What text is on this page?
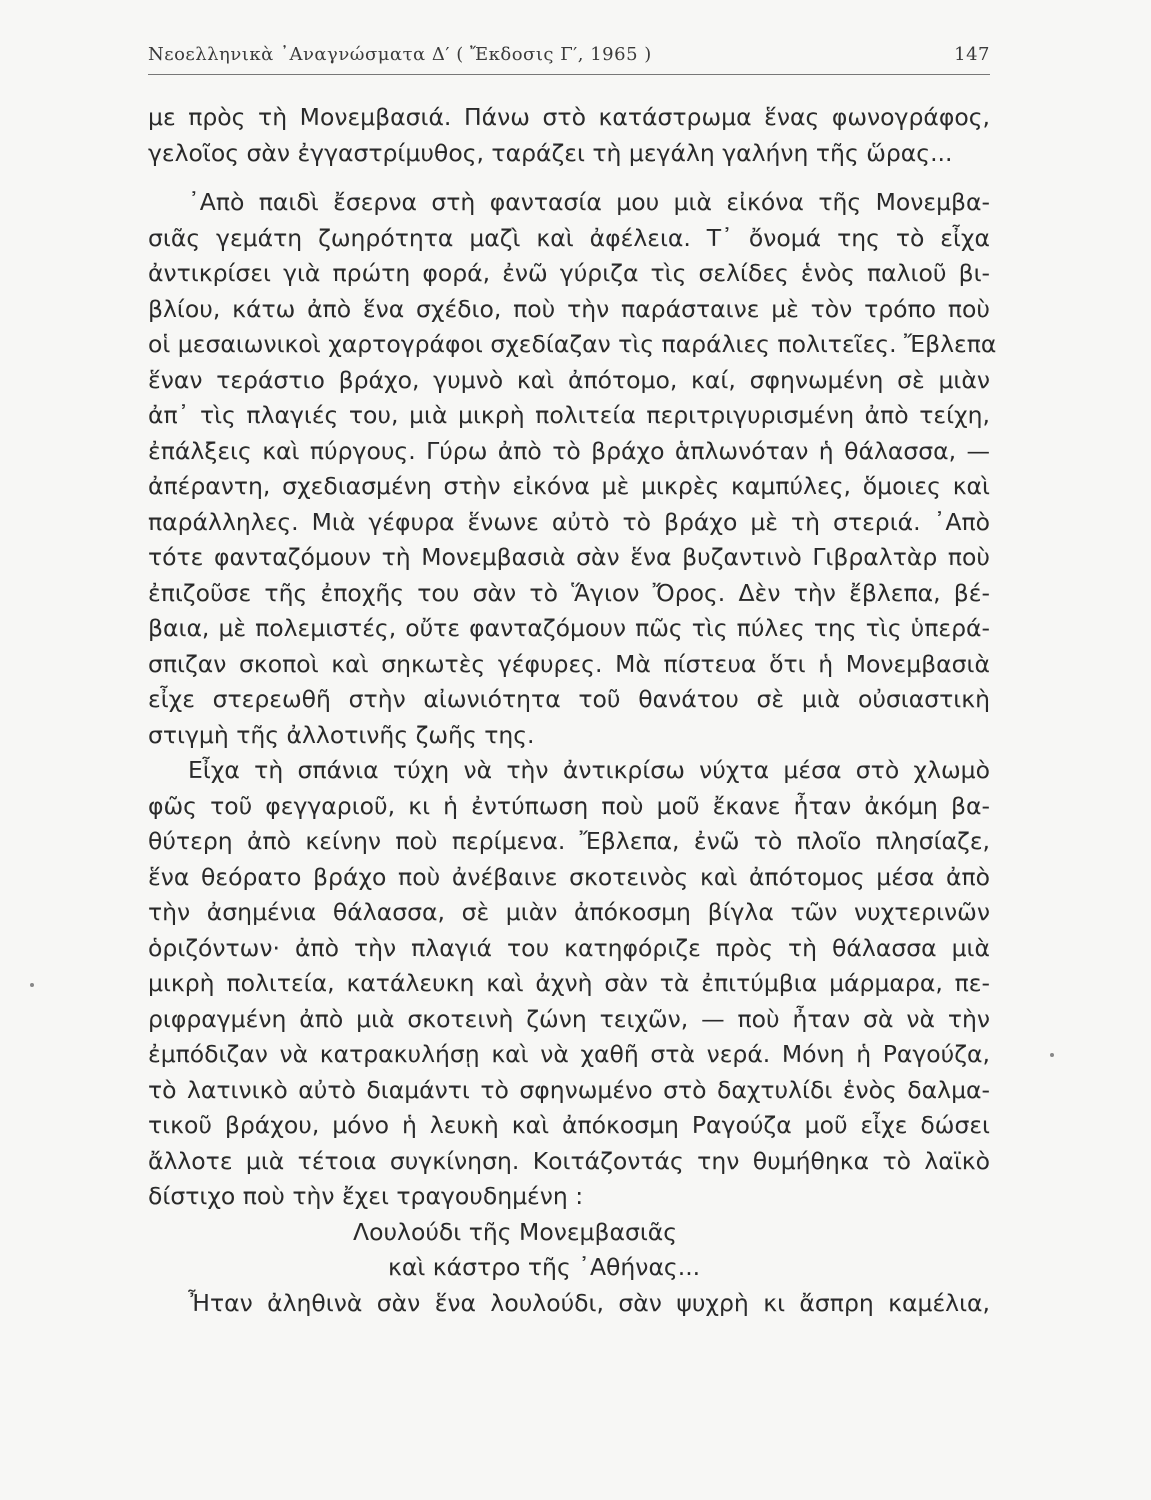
Νεοελληνικὰ ᾿Αναγνώσματα Δ′ ( Ἔκδοσις Γ′, 1965 )	147
με πρὸς τὴ Μονεμβασιά. Πάνω στὸ κατάστρωμα ἕνας φωνογράφος,
γελοῖος σὰν ἐγγαστρίμυθος, ταράζει τὴ μεγάλη γαλήνη τῆς ὥρας...
᾿Απὸ παιδὶ ἔσερνα στὴ φαντασία μου μιὰ εἰκόνα τῆς Μονεμβα-
σιᾶς γεμάτη ζωηρότητα μαζὶ καὶ ἀφέλεια. Τ᾿ ὄνομά της τὸ εἶχα
ἀντικρίσει γιὰ πρώτη φορά, ἐνῶ γύριζα τὶς σελίδες ἑνὸς παλιοῦ βι-
βλίου, κάτω ἀπὸ ἕνα σχέδιο, ποὺ τὴν παράσταινε μὲ τὸν τρόπο ποὺ
οἱ μεσαιωνικοὶ χαρτογράφοι σχεδίαζαν τὶς παράλιες πολιτεῖες. Ἔβλεπα
ἕναν τεράστιο βράχο, γυμνὸ καὶ ἀπότομο, καί, σφηνωμένη σὲ μιὰν
ἀπ᾿ τὶς πλαγιές του, μιὰ μικρὴ πολιτεία περιτριγυρισμένη ἀπὸ τείχη,
ἐπάλξεις καὶ πύργους. Γύρω ἀπὸ τὸ βράχο ἁπλωνόταν ἡ θάλασσα, —
ἀπέραντη, σχεδιασμένη στὴν εἰκόνα μὲ μικρὲς καμπύλες, ὅμοιες καὶ
παράλληλες. Μιὰ γέφυρα ἕνωνε αὐτὸ τὸ βράχο μὲ τὴ στεριά. ᾿Απὸ
τότε φανταζόμουν τὴ Μονεμβασιὰ σὰν ἕνα βυζαντινὸ Γιβραλτὰρ ποὺ
ἐπιζοῦσε τῆς ἐποχῆς του σὰν τὸ Ἅγιον Ὄρος. Δὲν τὴν ἔβλεπα, βέ-
βαια, μὲ πολεμιστές, οὔτε φανταζόμουν πῶς τὶς πύλες της τὶς ὑπερά-
σπιζαν σκοποὶ καὶ σηκωτὲς γέφυρες. Μὰ πίστευα ὅτι ἡ Μονεμβασιὰ
εἶχε στερεωθῆ στὴν αἰωνιότητα τοῦ θανάτου σὲ μιὰ οὐσιαστικὴ
στιγμὴ τῆς ἀλλοτινῆς ζωῆς της.
Εἶχα τὴ σπάνια τύχη νὰ τὴν ἀντικρίσω νύχτα μέσα στὸ χλωμὸ
φῶς τοῦ φεγγαριοῦ, κι ἡ ἐντύπωση ποὺ μοῦ ἔκανε ἦταν ἀκόμη βα-
θύτερη ἀπὸ κείνην ποὺ περίμενα. Ἔβλεπα, ἐνῶ τὸ πλοῖο πλησίαζε,
ἕνα θεόρατο βράχο ποὺ ἀνέβαινε σκοτεινὸς καὶ ἀπότομος μέσα ἀπὸ
τὴν ἀσημένια θάλασσα, σὲ μιὰν ἀπόκοσμη βίγλα τῶν νυχτερινῶν
ὁριζόντων· ἀπὸ τὴν πλαγιά του κατηφόριζε πρὸς τὴ θάλασσα μιὰ
μικρὴ πολιτεία, κατάλευκη καὶ ἀχνὴ σὰν τὰ ἐπιτύμβια μάρμαρα, πε-
ριφραγμένη ἀπὸ μιὰ σκοτεινὴ ζώνη τειχῶν, — ποὺ ἦταν σὰ νὰ τὴν
ἐμπόδιζαν νὰ κατρακυλήσῃ καὶ νὰ χαθῆ στὰ νερά. Μόνη ἡ Ραγούζα,
τὸ λατινικὸ αὐτὸ διαμάντι τὸ σφηνωμένο στὸ δαχτυλίδι ἑνὸς δαλμα-
τικοῦ βράχου, μόνο ἡ λευκὴ καὶ ἀπόκοσμη Ραγούζα μοῦ εἶχε δώσει
ἄλλοτε μιὰ τέτοια συγκίνηση. Κοιτάζοντάς την θυμήθηκα τὸ λαϊκὸ
δίστιχο ποὺ τὴν ἔχει τραγουδημένη :
Λουλούδι τῆς Μονεμβασιᾶς
καὶ κάστρο τῆς ᾿Αθήνας...
Ἦταν ἀληθινὰ σὰν ἕνα λουλούδι, σὰν ψυχρὴ κι ἄσπρη καμέλια,
